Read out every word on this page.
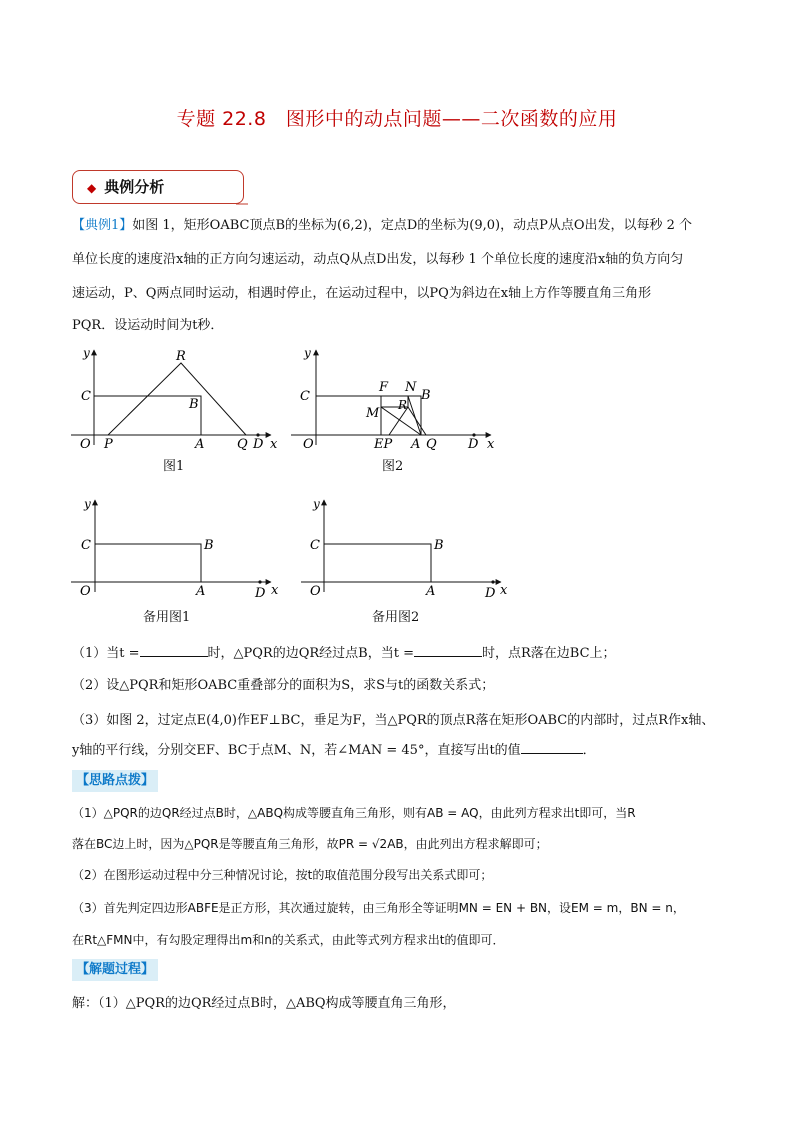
专题 22.8　图形中的动点问题——二次函数的应用
◆ 典例分析
【典例1】如图 1，矩形OABC顶点B的坐标为(6,2)，定点D的坐标为(9,0)，动点P从点O出发，以每秒 2 个
单位长度的速度沿x轴的正方向匀速运动，动点Q从点D出发，以每秒 1 个单位长度的速度沿x轴的负方向匀
速运动，P、Q两点同时运动，相遇时停止，在运动过程中，以PQ为斜边在x轴上方作等腰直角三角形
PQR．设运动时间为t秒．
y
C
O P
R
B
A	Q D x
图1
y
C
O
F N
B
R
M
EP A Q D x
图2
y
C	B
O	A	D x
备用图1
y
C	B
O	A	D x
备用图2
（1）当t =	时，△PQR的边QR经过点B，当t =	时，点R落在边BC上；
（2）设△PQR和矩形OABC重叠部分的面积为S，求S与t的函数关系式；
（3）如图 2，过定点E(4,0)作EF⊥BC，垂足为F，当△PQR的顶点R落在矩形OABC的内部时，过点R作x轴、
y轴的平行线，分别交EF、BC于点M、N，若∠MAN = 45°，直接写出t的值	．
【思路点拨】
（1）△PQR的边QR经过点B时，△ABQ构成等腰直角三角形，则有AB = AQ，由此列方程求出t即可，当R
落在BC边上时，因为△PQR是等腰直角三角形，故PR = √2AB，由此列出方程求解即可；
（2）在图形运动过程中分三种情况讨论，按t的取值范围分段写出关系式即可；
（3）首先判定四边形ABFE是正方形，其次通过旋转，由三角形全等证明MN = EN + BN，设EM = m，BN = n，
在Rt△FMN中，有勾股定理得出m和n的关系式，由此等式列方程求出t的值即可．
【解题过程】
解：（1）△PQR的边QR经过点B时，△ABQ构成等腰直角三角形，
